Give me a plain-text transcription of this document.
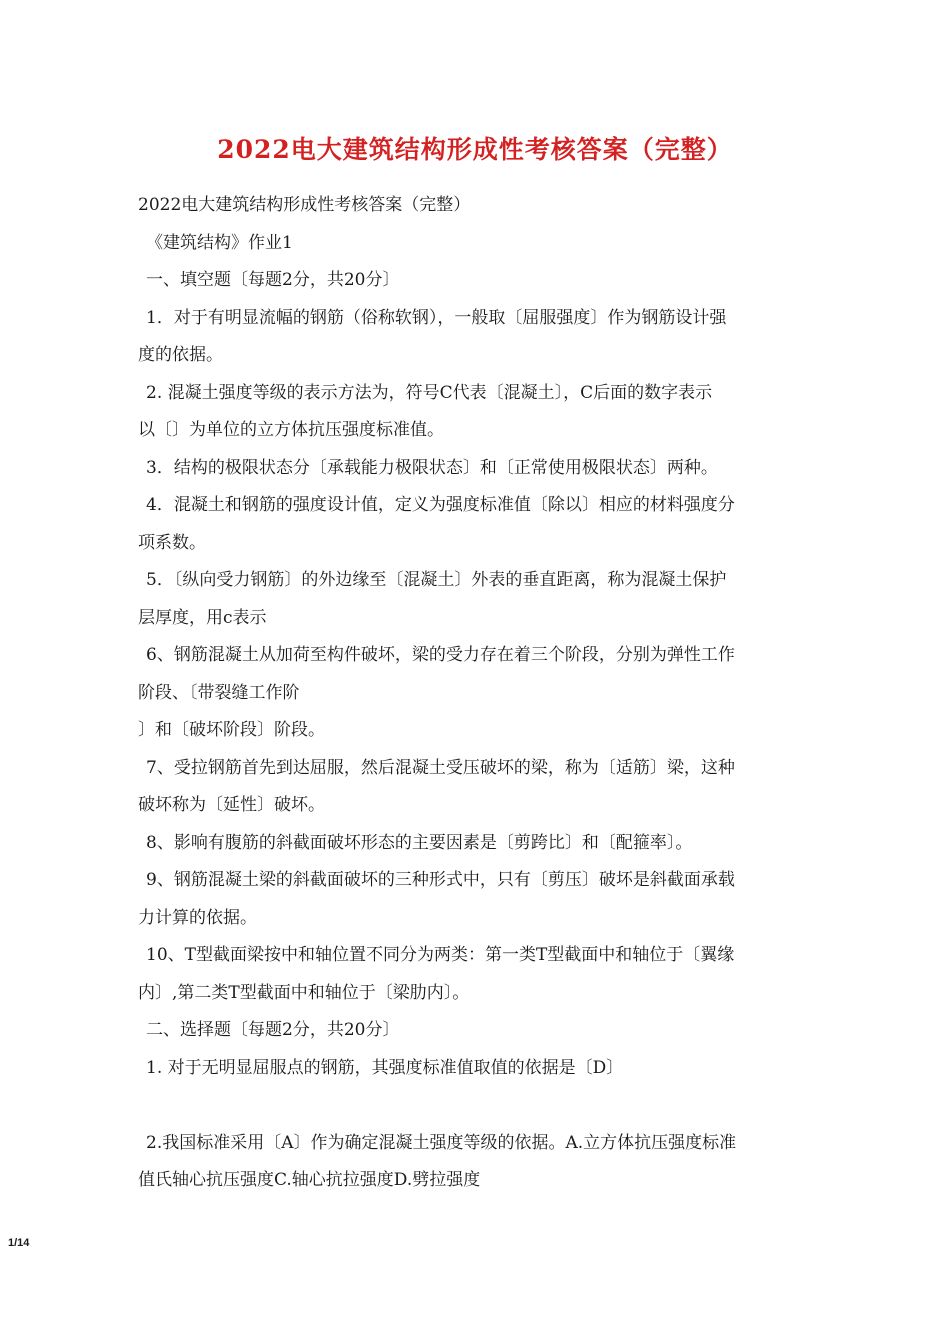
2022电大建筑结构形成性考核答案（完整）
2022电大建筑结构形成性考核答案（完整）
《建筑结构》作业1
一、填空题〔每题2分，共20分〕
1．对于有明显流幅的钢筋（俗称软钢），一般取〔屈服强度〕作为钢筋设计强
度的依据。
2. 混凝土强度等级的表示方法为，符号C代表〔混凝土〕，C后面的数字表示
以〔〕为单位的立方体抗压强度标准值。
3．结构的极限状态分〔承载能力极限状态〕和〔正常使用极限状态〕两种。
4．混凝土和钢筋的强度设计值，定义为强度标准值〔除以〕相应的材料强度分
项系数。
5．〔纵向受力钢筋〕的外边缘至〔混凝土〕外表的垂直距离，称为混凝土保护
层厚度，用c表示
6、钢筋混凝土从加荷至构件破坏，梁的受力存在着三个阶段，分别为弹性工作
阶段、〔带裂缝工作阶
〕和〔破坏阶段〕阶段。
7、受拉钢筋首先到达屈服，然后混凝土受压破坏的梁，称为〔适筋〕梁，这种
破坏称为〔延性〕破坏。
8、影响有腹筋的斜截面破坏形态的主要因素是〔剪跨比〕和〔配箍率〕。
9、钢筋混凝土梁的斜截面破坏的三种形式中，只有〔剪压〕破坏是斜截面承载
力计算的依据。
10、T型截面梁按中和轴位置不同分为两类：第一类T型截面中和轴位于〔翼缘
内〕,第二类T型截面中和轴位于〔梁肋内〕。
二、选择题〔每题2分，共20分〕
1. 对于无明显屈服点的钢筋，其强度标准值取值的依据是〔D〕
2.我国标准采用〔A〕作为确定混凝土强度等级的依据。A.立方体抗压强度标准
值氏轴心抗压强度C.轴心抗拉强度D.劈拉强度
1/14
